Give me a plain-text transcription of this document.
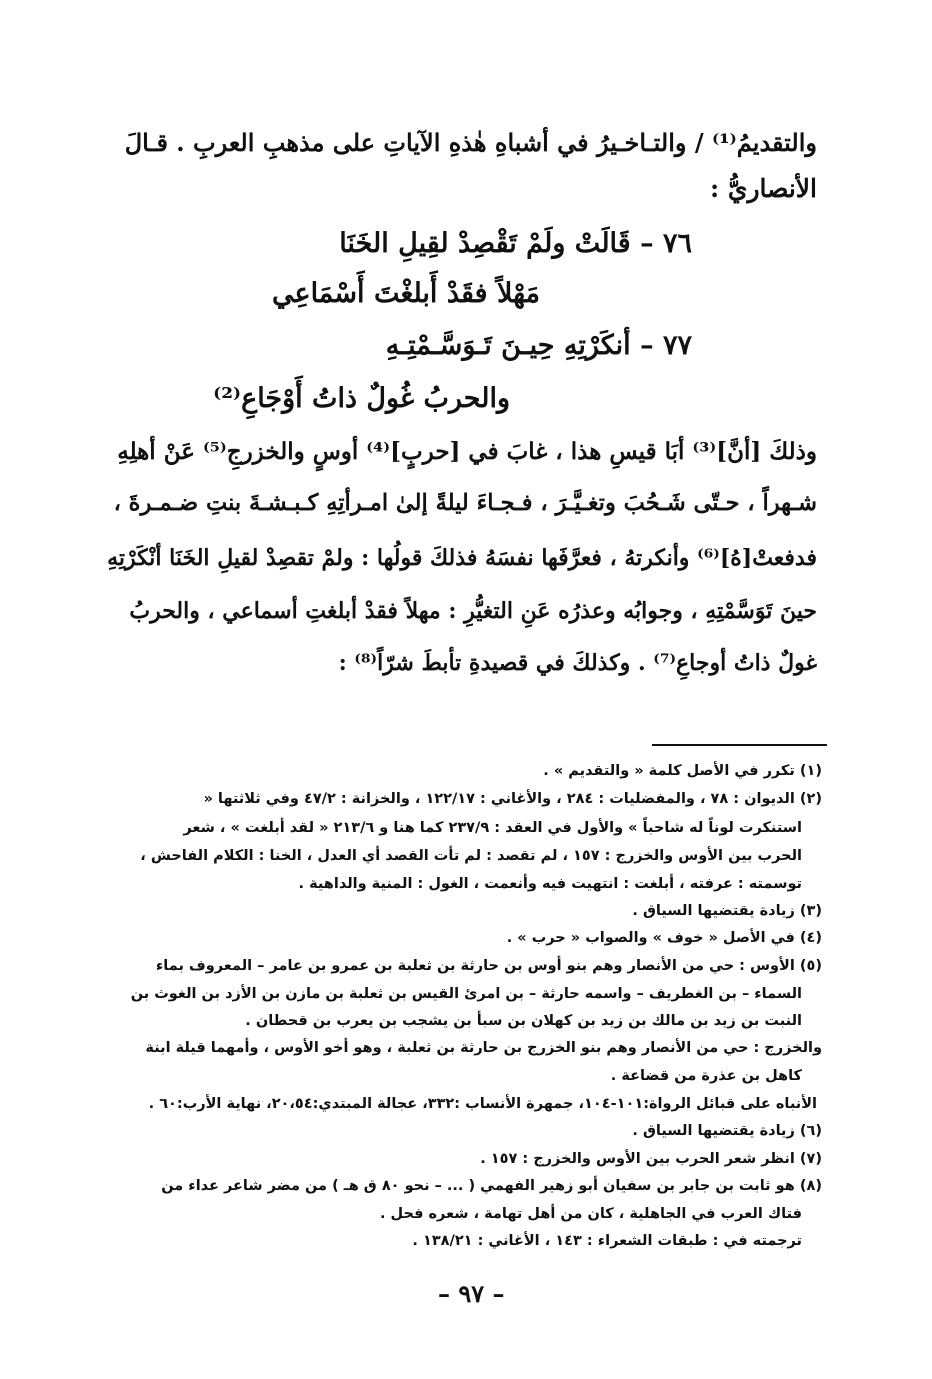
والتقديمُ⁽¹⁾ / والتـاخـيرُ في أشباهِ هٰذهِ الآياتِ على مذهبِ العربِ . قـالَ
الأنصاريُّ :
٧٦ – قَالَتْ ولَمْ تَقْصِدْ لقِيلِ الخَنَا
مَهْلاً فقَدْ أَبلغْتَ أَسْمَاعِي
٧٧ – أنكَرْتِهِ حِيـنَ تَـوَسَّـمْتِـهِ
والحربُ غُولٌ ذاتُ أَوْجَاعِ⁽²⁾
وذلكَ [أنَّ]⁽³⁾ أبَا قيسِ هذا ، غابَ في [حربٍ]⁽⁴⁾ أوسٍ والخزرجِ⁽⁵⁾ عَنْ أهلِهِ
شـهراً ، حـتّى شَـحُبَ وتغـيَّـرَ ، فـجـاءَ ليلةً إلىٰ امـرأتِهِ كـبـشـةَ بنتِ ضـمـرةَ ،
فدفعتْ[هُ]⁽⁶⁾ وأنكرتهُ ، فعرَّفَها نفسَهُ فذلكَ قولُها : ولمْ تقصِدْ لقيلِ الخَنَا أنْكَرْتِهِ
حينَ تَوَسَّمْتِهِ ، وجوابُه وعذرُه عَنِ التغيُّرِ : مهلاً فقدْ أبلغتِ أسماعي ، والحربُ
غولٌ ذاتُ أوجاعِ⁽⁷⁾ . وكذلكَ في قصيدةِ تأبطَ شرّاً⁽⁸⁾ :
(١) تكرر في الأصل كلمة « والتقديم » .
(٢) الديوان : ٧٨ ، والمفضليات : ٢٨٤ ، والأغاني : ١٢٢/١٧ ، والخزانة : ٤٧/٢ وفي ثلاثتها «
استنكرت لوناً له شاحباً » والأول في العقد : ٢٣٧/٩ كما هنا و ٢١٣/٦ « لقد أبلغت » ، شعر
الحرب بين الأوس والخزرج : ١٥٧ ، لم تقصد : لم تأت القصد أي العدل ، الخنا : الكلام الفاحش ،
توسمته : عرفته ، أبلغت : انتهيت فيه وأنعمت ، الغول : المنية والداهية .
(٣) زيادة يقتضيها السياق .
(٤) في الأصل « خوف » والصواب « حرب » .
(٥) الأوس : حي من الأنصار وهم بنو أوس بن حارثة بن ثعلبة بن عمرو بن عامر – المعروف بماء
السماء – بن الغطريف – واسمه حارثة – بن امرئ القيس بن ثعلبة بن مازن بن الأزد بن الغوث بن
النبت بن زيد بن مالك بن زيد بن كهلان بن سبأ بن يشجب بن يعرب بن قحطان .
والخزرج : حي من الأنصار وهم بنو الخزرج بن حارثة بن ثعلبة ، وهو أخو الأوس ، وأمهما قيلة ابنة
كاهل بن عذرة من قضاعة .
الأنباه على قبائل الرواة:١٠١-١٠٤، جمهرة الأنساب :٣٣٢، عجالة المبتدي:٢٠،٥٤، نهاية الأرب:٦٠ .
(٦) زيادة يقتضيها السياق .
(٧) انظر شعر الحرب بين الأوس والخزرج : ١٥٧ .
(٨) هو ثابت بن جابر بن سفيان أبو زهير الفهمي ( ... – نحو ٨٠ ق هـ ) من مضر شاعر عداء من
فتاك العرب في الجاهلية ، كان من أهل تهامة ، شعره فحل .
ترجمته في : طبقات الشعراء : ١٤٣ ، الأغاني : ١٣٨/٢١ .
– ٩٧ –
